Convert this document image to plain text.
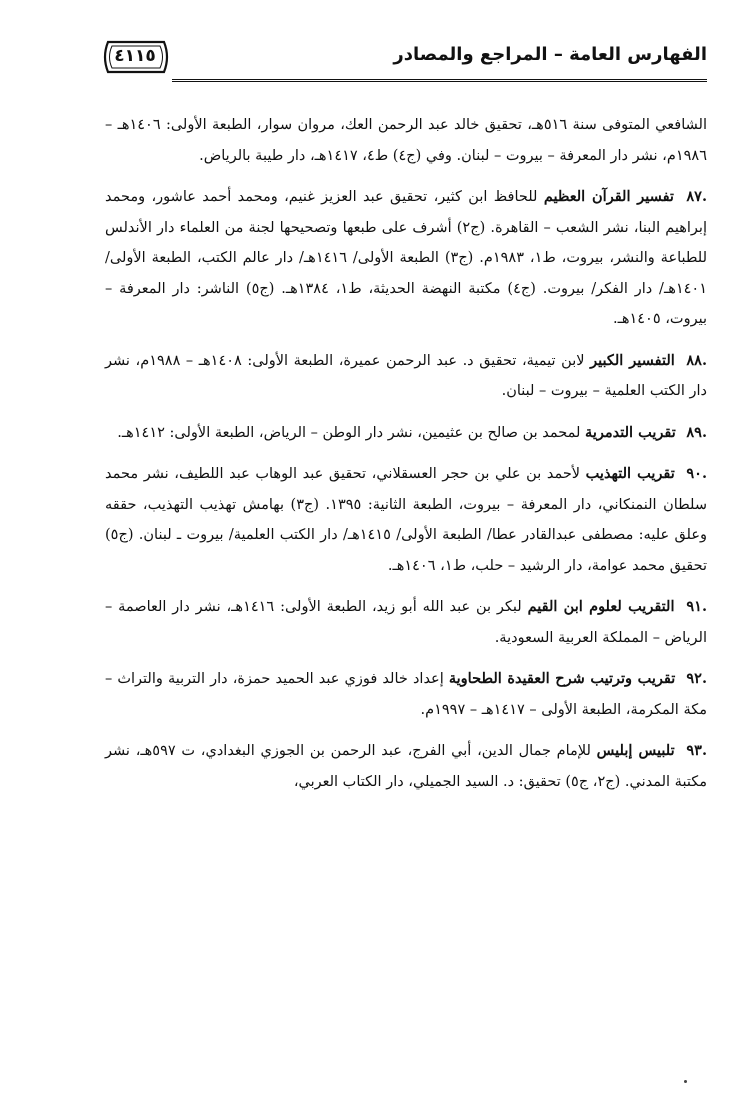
الفهارس العامة – المراجع والمصادر
٤١١٥

الشافعي المتوفى سنة ٥١٦هـ، تحقيق خالد عبد الرحمن العك، مروان سوار، الطبعة الأولى: ١٤٠٦هـ – ١٩٨٦م، نشر دار المعرفة – بيروت – لبنان. وفي (ج٤) ط٤، ١٤١٧هـ، دار طيبة بالرياض.

.٨٧ تفسير القرآن العظيم للحافظ ابن كثير، تحقيق عبد العزيز غنيم، ومحمد أحمد عاشور، ومحمد إبراهيم البنا، نشر الشعب – القاهرة. (ج٢) أشرف على طبعها وتصحيحها لجنة من العلماء دار الأندلس للطباعة والنشر، بيروت، ط١، ١٩٨٣م. (ج٣) الطبعة الأولى/ ١٤١٦هـ/ دار عالم الكتب، الطبعة الأولى/ ١٤٠١هـ/ دار الفكر/ بيروت. (ج٤) مكتبة النهضة الحديثة، ط١، ١٣٨٤هـ. (ج٥) الناشر: دار المعرفة – بيروت، ١٤٠٥هـ.

.٨٨ التفسير الكبير لابن تيمية، تحقيق د. عبد الرحمن عميرة، الطبعة الأولى: ١٤٠٨هـ – ١٩٨٨م، نشر دار الكتب العلمية – بيروت – لبنان.

.٨٩ تقريب التدمرية لمحمد بن صالح بن عثيمين، نشر دار الوطن – الرياض، الطبعة الأولى: ١٤١٢هـ.

.٩٠ تقريب التهذيب لأحمد بن علي بن حجر العسقلاني، تحقيق عبد الوهاب عبد اللطيف، نشر محمد سلطان النمنكاني، دار المعرفة – بيروت، الطبعة الثانية: ١٣٩٥. (ج٣) بهامش تهذيب التهذيب، حققه وعلق عليه: مصطفى عبدالقادر عطا/ الطبعة الأولى/ ١٤١٥هـ/ دار الكتب العلمية/ بيروت ـ لبنان. (ج٥) تحقيق محمد عوامة، دار الرشيد – حلب، ط١، ١٤٠٦هـ.

.٩١ التقريب لعلوم ابن القيم لبكر بن عبد الله أبو زيد، الطبعة الأولى: ١٤١٦هـ، نشر دار العاصمة – الرياض – المملكة العربية السعودية.

.٩٢ تقريب وترتيب شرح العقيدة الطحاوية إعداد خالد فوزي عبد الحميد حمزة، دار التربية والتراث – مكة المكرمة، الطبعة الأولى – ١٤١٧هـ – ١٩٩٧م.

.٩٣ تلبيس إبليس للإمام جمال الدين، أبي الفرج، عبد الرحمن بن الجوزي البغدادي، ت ٥٩٧هـ، نشر مكتبة المدني. (ج٢، ج٥) تحقيق: د. السيد الجميلي، دار الكتاب العربي،
